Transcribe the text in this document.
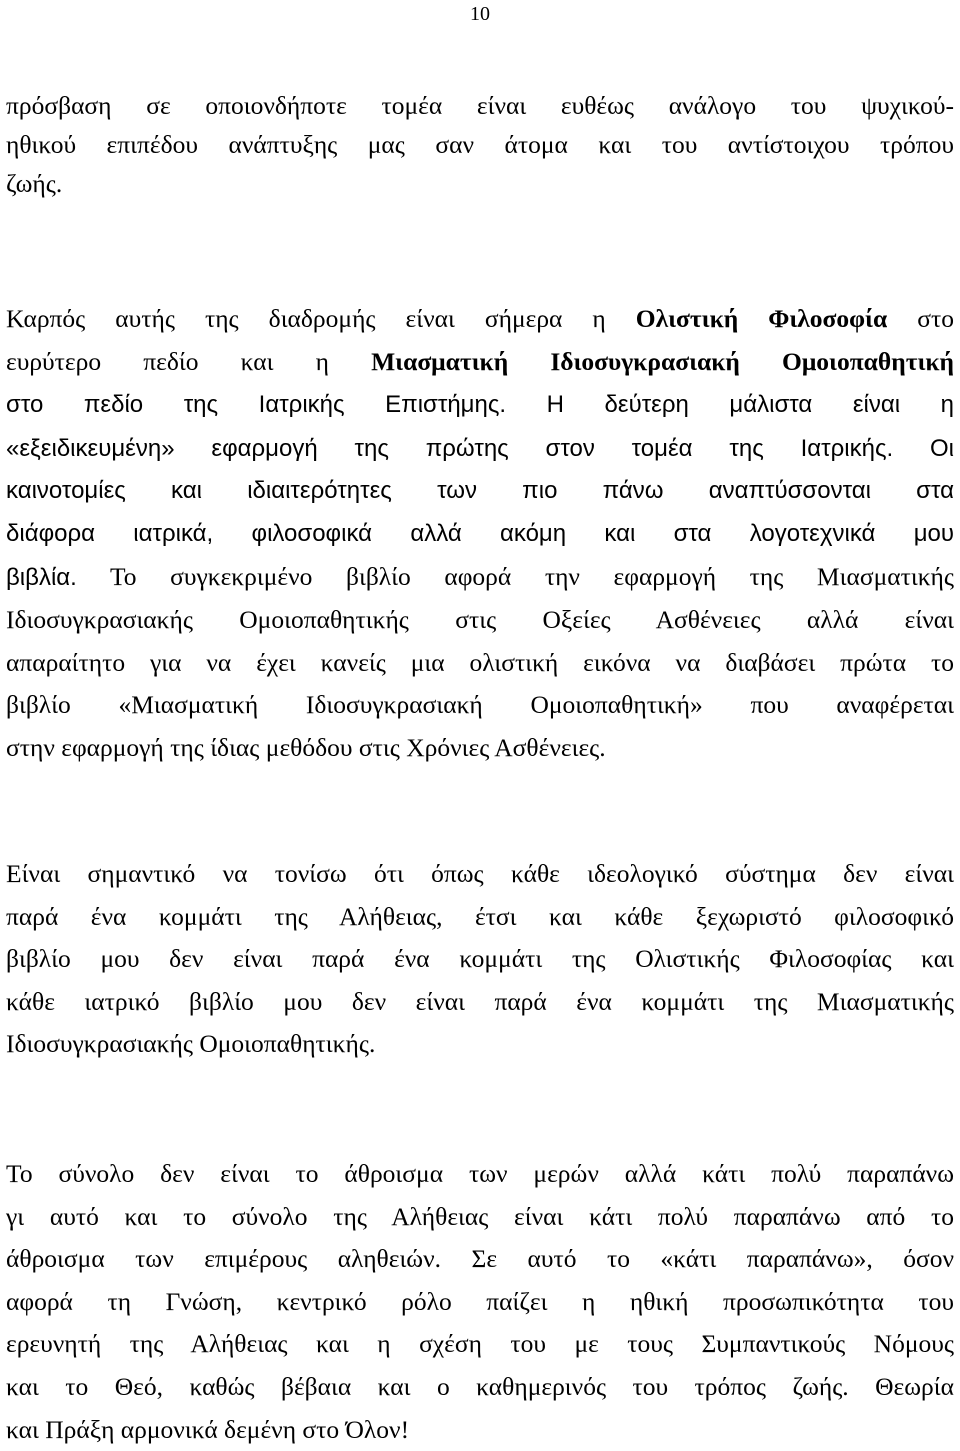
10
πρόσβαση σε οποιονδήποτε τομέα είναι ευθέως ανάλογο του ψυχικού-
ηθικού επιπέδου ανάπτυξης μας σαν άτομα και του αντίστοιχου τρόπου
ζωής.
Καρπός αυτής της διαδρομής είναι σήμερα η Ολιστική Φιλοσοφία στο
ευρύτερο πεδίο και η Μιασματική Ιδιοσυγκρασιακή Ομοιοπαθητική
στο πεδίο της Ιατρικής Επιστήμης. Η δεύτερη μάλιστα είναι η
«εξειδικευμένη» εφαρμογή της πρώτης στον τομέα της Ιατρικής. Οι
καινοτομίες και ιδιαιτερότητες των πιο πάνω αναπτύσσονται στα
διάφορα ιατρικά, φιλοσοφικά αλλά ακόμη και στα λογοτεχνικά μου
βιβλία. Το συγκεκριμένο βιβλίο αφορά την εφαρμογή της Μιασματικής
Ιδιοσυγκρασιακής Ομοιοπαθητικής στις Οξείες Ασθένειες αλλά είναι
απαραίτητο για να έχει κανείς μια ολιστική εικόνα να διαβάσει πρώτα το
βιβλίο «Μιασματική Ιδιοσυγκρασιακή Ομοιοπαθητική» που αναφέρεται
στην εφαρμογή της ίδιας μεθόδου στις Χρόνιες Ασθένειες.
Είναι σημαντικό να τονίσω ότι όπως κάθε ιδεολογικό σύστημα δεν είναι
παρά ένα κομμάτι της Αλήθειας, έτσι και κάθε ξεχωριστό φιλοσοφικό
βιβλίο μου δεν είναι παρά ένα κομμάτι της Ολιστικής Φιλοσοφίας και
κάθε ιατρικό βιβλίο μου δεν είναι παρά ένα κομμάτι της Μιασματικής
Ιδιοσυγκρασιακής Ομοιοπαθητικής.
Το σύνολο δεν είναι το άθροισμα των μερών αλλά κάτι πολύ παραπάνω
γι αυτό και το σύνολο της Αλήθειας είναι κάτι πολύ παραπάνω από το
άθροισμα των επιμέρους αληθειών. Σε αυτό το «κάτι παραπάνω», όσον
αφορά τη Γνώση, κεντρικό ρόλο παίζει η ηθική προσωπικότητα του
ερευνητή της Αλήθειας και η σχέση του με τους Συμπαντικούς Νόμους
και το Θεό, καθώς βέβαια και ο καθημερινός του τρόπος ζωής. Θεωρία
και Πράξη αρμονικά δεμένη στο Όλον!
